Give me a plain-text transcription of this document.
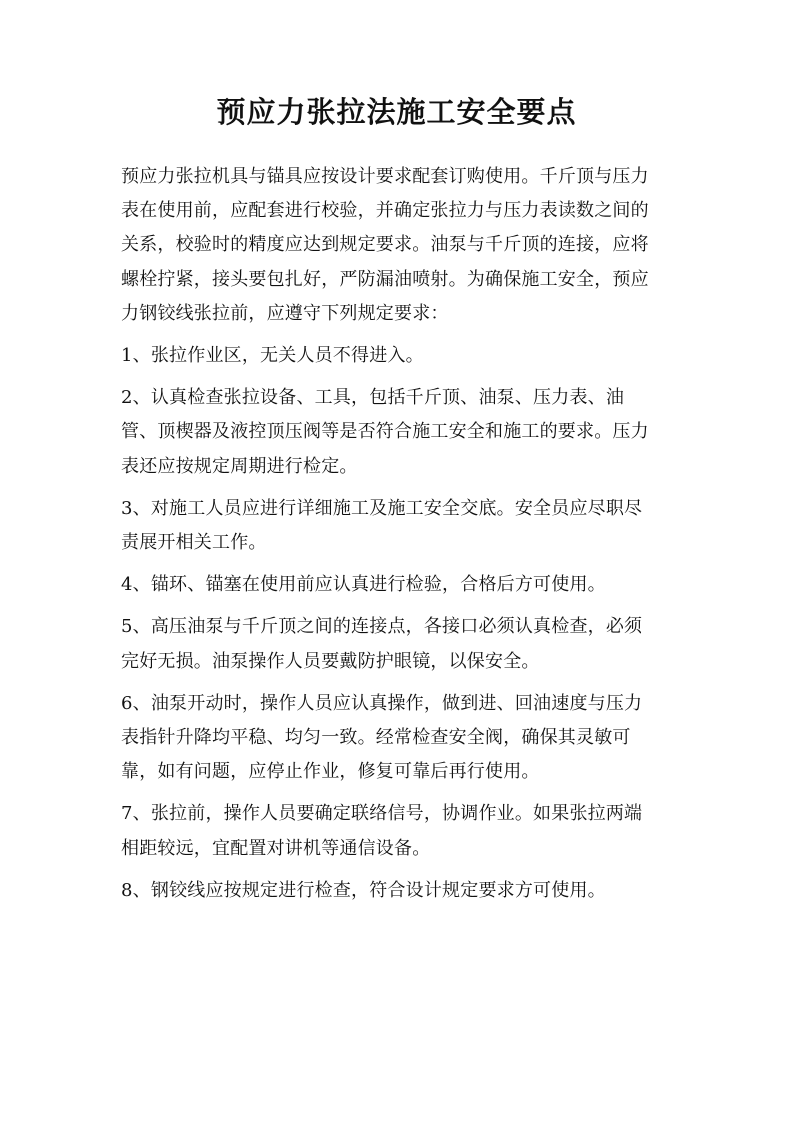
预应力张拉法施工安全要点

预应力张拉机具与锚具应按设计要求配套订购使用。千斤顶与压力
表在使用前，应配套进行校验，并确定张拉力与压力表读数之间的
关系，校验时的精度应达到规定要求。油泵与千斤顶的连接，应将
螺栓拧紧，接头要包扎好，严防漏油喷射。为确保施工安全，预应
力钢铰线张拉前，应遵守下列规定要求：

1、张拉作业区，无关人员不得进入。

2、认真检查张拉设备、工具，包括千斤顶、油泵、压力表、油
管、顶楔器及液控顶压阀等是否符合施工安全和施工的要求。压力
表还应按规定周期进行检定。

3、对施工人员应进行详细施工及施工安全交底。安全员应尽职尽
责展开相关工作。

4、锚环、锚塞在使用前应认真进行检验，合格后方可使用。

5、高压油泵与千斤顶之间的连接点，各接口必须认真检查，必须
完好无损。油泵操作人员要戴防护眼镜，以保安全。

6、油泵开动时，操作人员应认真操作，做到进、回油速度与压力
表指针升降均平稳、均匀一致。经常检查安全阀，确保其灵敏可
靠，如有问题，应停止作业，修复可靠后再行使用。

7、张拉前，操作人员要确定联络信号，协调作业。如果张拉两端
相距较远，宜配置对讲机等通信设备。

8、钢铰线应按规定进行检查，符合设计规定要求方可使用。
